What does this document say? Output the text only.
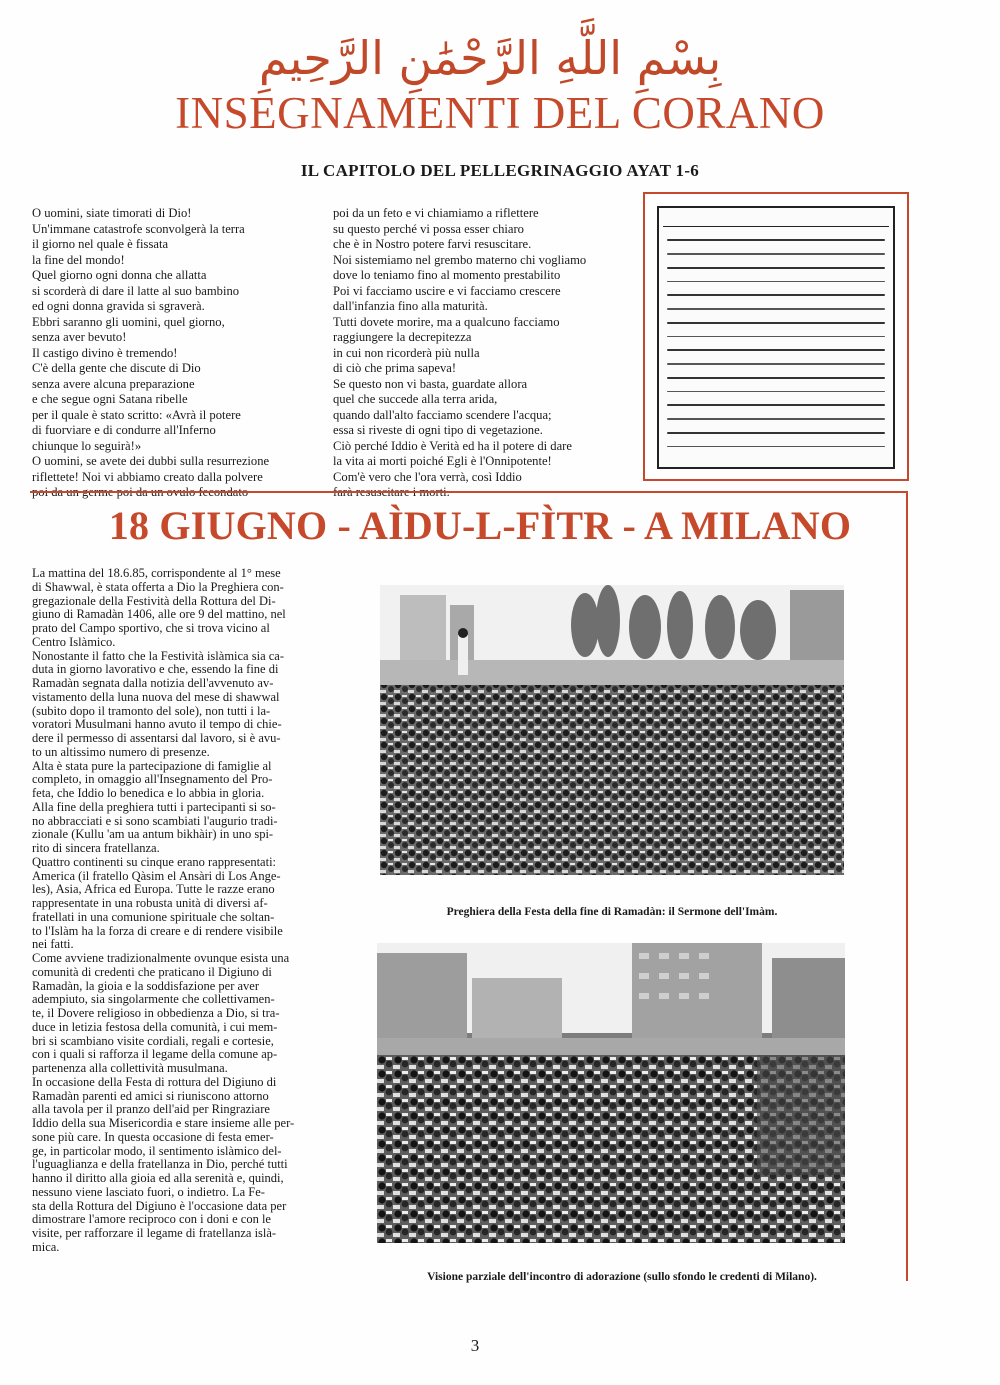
بِسْمِ اللَّهِ الرَّحْمَٰنِ الرَّحِيمِ
INSEGNAMENTI DEL CORANO
IL CAPITOLO DEL PELLEGRINAGGIO AYAT 1-6
O uomini, siate timorati di Dio!
Un'immane catastrofe sconvolgerà la terra
il giorno nel quale è fissata
la fine del mondo!
Quel giorno ogni donna che allatta
si scorderà di dare il latte al suo bambino
ed ogni donna gravida si sgraverà.
Ebbri saranno gli uomini, quel giorno,
senza aver bevuto!
Il castigo divino è tremendo!
C'è della gente che discute di Dio
senza avere alcuna preparazione
e che segue ogni Satana ribelle
per il quale è stato scritto: «Avrà il potere
di fuorviare e di condurre all'Inferno
chiunque lo seguirà!»
O uomini, se avete dei dubbi sulla resurrezione
riflettete! Noi vi abbiamo creato dalla polvere
poi da un feto e vi chiamiamo a riflettere
su questo perché vi possa esser chiaro
che è in Nostro potere farvi resuscitare.
Noi sistemiamo nel grembo materno chi vogliamo
dove lo teniamo fino al momento prestabilito
Poi vi facciamo uscire e vi facciamo crescere
dall'infanzia fino alla maturità.
Tutti dovete morire, ma a qualcuno facciamo
raggiungere la decrepitezza
in cui non ricorderà più nulla
di ciò che prima sapeva!
Se questo non vi basta, guardate allora
quel che succede alla terra arida,
quando dall'alto facciamo scendere l'acqua;
essa si riveste di ogni tipo di vegetazione.
Ciò perché Iddio è Verità ed ha il potere di dare
la vita ai morti poiché Egli è l'Onnipotente!
Com'è vero che l'ora verrà, così Iddio
18 GIUGNO - AÌDU-L-FÌTR - A MILANO
La mattina del 18.6.85, corrispondente al 1° mese
di Shawwal, è stata offerta a Dio la Preghiera con-
gregazionale della Festività della Rottura del Di-
giuno di Ramadàn 1406, alle ore 9 del mattino, nel
prato del Campo sportivo, che si trova vicino al
Centro Islàmico.
Nonostante il fatto che la Festività islàmica sia ca-
duta in giorno lavorativo e che, essendo la fine di
Ramadàn segnata dalla notizia dell'avvenuto av-
vistamento della luna nuova del mese di shawwal
(subito dopo il tramonto del sole), non tutti i la-
voratori Musulmani hanno avuto il tempo di chie-
dere il permesso di assentarsi dal lavoro, si è avu-
to un altissimo numero di presenze.
Alta è stata pure la partecipazione di famiglie al
completo, in omaggio all'Insegnamento del Pro-
feta, che Iddio lo benedica e lo abbia in gloria.
Alla fine della preghiera tutti i partecipanti si so-
no abbracciati e si sono scambiati l'augurio tradi-
zionale (Kullu 'am ua antum bikhàir) in uno spi-
rito di sincera fratellanza.
Quattro continenti su cinque erano rappresentati:
America (il fratello Qàsim el Ansàri di Los Ange-
les), Asia, Africa ed Europa. Tutte le razze erano
rappresentate in una robusta unità di diversi af-
fratellati in una comunione spirituale che soltan-
to l'Islàm ha la forza di creare e di rendere visibile
nei fatti.
Come avviene tradizionalmente ovunque esista una
comunità di credenti che praticano il Digiuno di
Ramadàn, la gioia e la soddisfazione per aver
adempiuto, sia singolarmente che collettivamen-
te, il Dovere religioso in obbedienza a Dio, si tra-
duce in letizia festosa della comunità, i cui mem-
bri si scambiano visite cordiali, regali e cortesie,
con i quali si rafforza il legame della comune ap-
partenenza alla collettività musulmana.
In occasione della Festa di rottura del Digiuno di
Ramadàn parenti ed amici si riuniscono attorno
alla tavola per il pranzo dell'aid per Ringraziare
Iddio della sua Misericordia e stare insieme alle per-
sone più care. In questa occasione di festa emer-
ge, in particolar modo, il sentimento islàmico del-
l'uguaglianza e della fratellanza in Dio, perché tutti
hanno il diritto alla gioia ed alla serenità e, quindi,
nessuno viene lasciato fuori, o indietro. La Fe-
sta della Rottura del Digiuno è l'occasione data per
dimostrare l'amore reciproco con i doni e con le
visite, per rafforzare il legame di fratellanza islà-
mica.
Preghiera della Festa della fine di Ramadàn: il Sermone dell'Imàm.
Visione parziale dell'incontro di adorazione (sullo sfondo le credenti di Milano).
3
